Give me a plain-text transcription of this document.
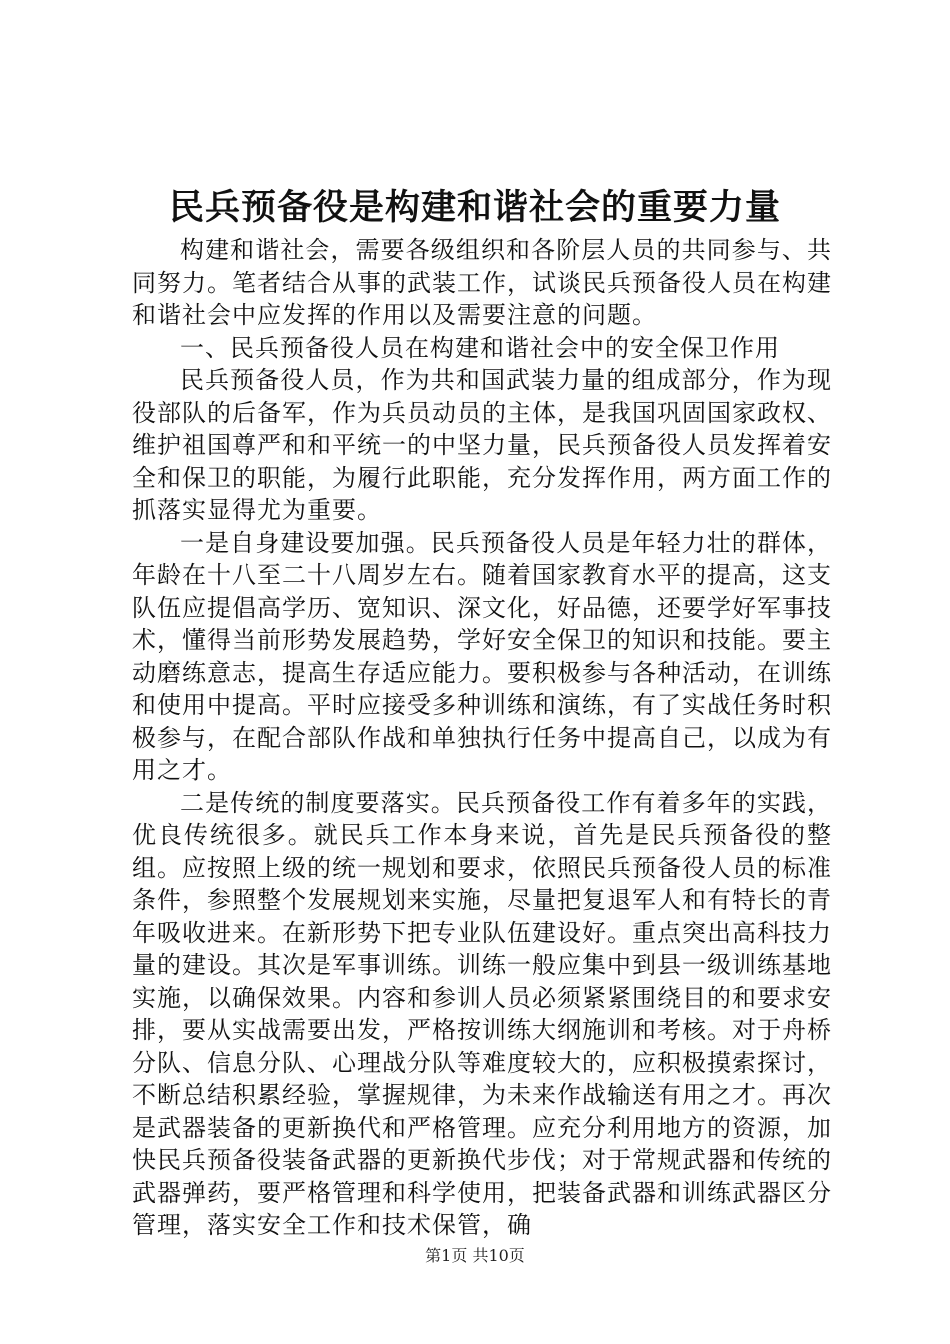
民兵预备役是构建和谐社会的重要力量

构建和谐社会，需要各级组织和各阶层人员的共同参与、共同努力。笔者结合从事的武装工作，试谈民兵预备役人员在构建和谐社会中应发挥的作用以及需要注意的问题。

一、民兵预备役人员在构建和谐社会中的安全保卫作用

民兵预备役人员，作为共和国武装力量的组成部分，作为现役部队的后备军，作为兵员动员的主体，是我国巩固国家政权、维护祖国尊严和和平统一的中坚力量，民兵预备役人员发挥着安全和保卫的职能，为履行此职能，充分发挥作用，两方面工作的抓落实显得尤为重要。

一是自身建设要加强。民兵预备役人员是年轻力壮的群体，年龄在十八至二十八周岁左右。随着国家教育水平的提高，这支队伍应提倡高学历、宽知识、深文化，好品德，还要学好军事技术，懂得当前形势发展趋势，学好安全保卫的知识和技能。要主动磨练意志，提高生存适应能力。要积极参与各种活动，在训练和使用中提高。平时应接受多种训练和演练，有了实战任务时积极参与，在配合部队作战和单独执行任务中提高自己，以成为有用之才。

二是传统的制度要落实。民兵预备役工作有着多年的实践，优良传统很多。就民兵工作本身来说，首先是民兵预备役的整组。应按照上级的统一规划和要求，依照民兵预备役人员的标准条件，参照整个发展规划来实施，尽量把复退军人和有特长的青年吸收进来。在新形势下把专业队伍建设好。重点突出高科技力量的建设。其次是军事训练。训练一般应集中到县一级训练基地实施，以确保效果。内容和参训人员必须紧紧围绕目的和要求安排，要从实战需要出发，严格按训练大纲施训和考核。对于舟桥分队、信息分队、心理战分队等难度较大的，应积极摸索探讨，不断总结积累经验，掌握规律，为未来作战输送有用之才。再次是武器装备的更新换代和严格管理。应充分利用地方的资源，加快民兵预备役装备武器的更新换代步伐；对于常规武器和传统的武器弹药，要严格管理和科学使用，把装备武器和训练武器区分管理，落实安全工作和技术保管，确

第1页 共10页
